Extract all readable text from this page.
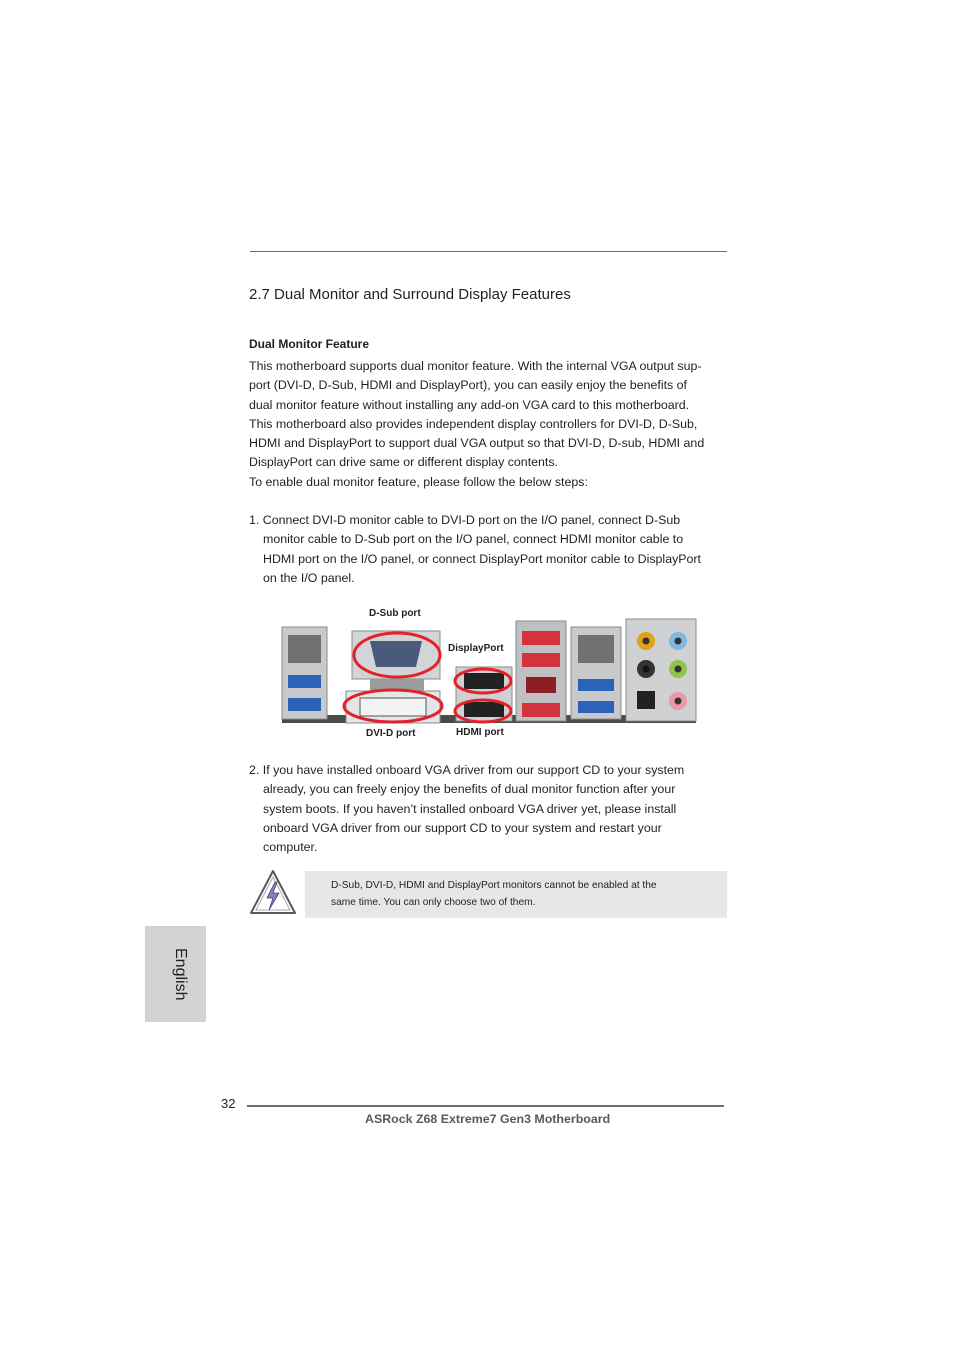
2.7 Dual Monitor and Surround Display Features
Dual Monitor Feature
This motherboard supports dual monitor feature. With the internal VGA output sup-
port (DVI-D, D-Sub, HDMI and DisplayPort), you can easily enjoy the benefits of
dual monitor feature without installing any add-on VGA card to this motherboard.
This motherboard also provides independent display controllers for DVI-D, D-Sub,
HDMI and DisplayPort to support dual VGA output so that DVI-D, D-sub, HDMI and
DisplayPort can drive same or different display contents.
To enable dual monitor feature, please follow the below steps:
1. Connect DVI-D monitor cable to DVI-D port on the I/O panel, connect D-Sub
monitor cable to D-Sub port on the I/O panel, connect HDMI monitor cable to
HDMI port on the I/O panel, or connect DisplayPort monitor cable to DisplayPort
on the I/O panel.
D-Sub port
DisplayPort
DVI-D port	HDMI port
2. If you have installed onboard VGA driver from our support CD to your system
already, you can freely enjoy the benefits of dual monitor function after your
system boots. If you haven’t installed onboard VGA driver yet, please install
onboard VGA driver from our support CD to your system and restart your
computer.
D-Sub, DVI-D, HDMI and DisplayPort monitors cannot be enabled at the
same time. You can only choose two of them.
English
32
ASRock Z68 Extreme7 Gen3 Motherboard
